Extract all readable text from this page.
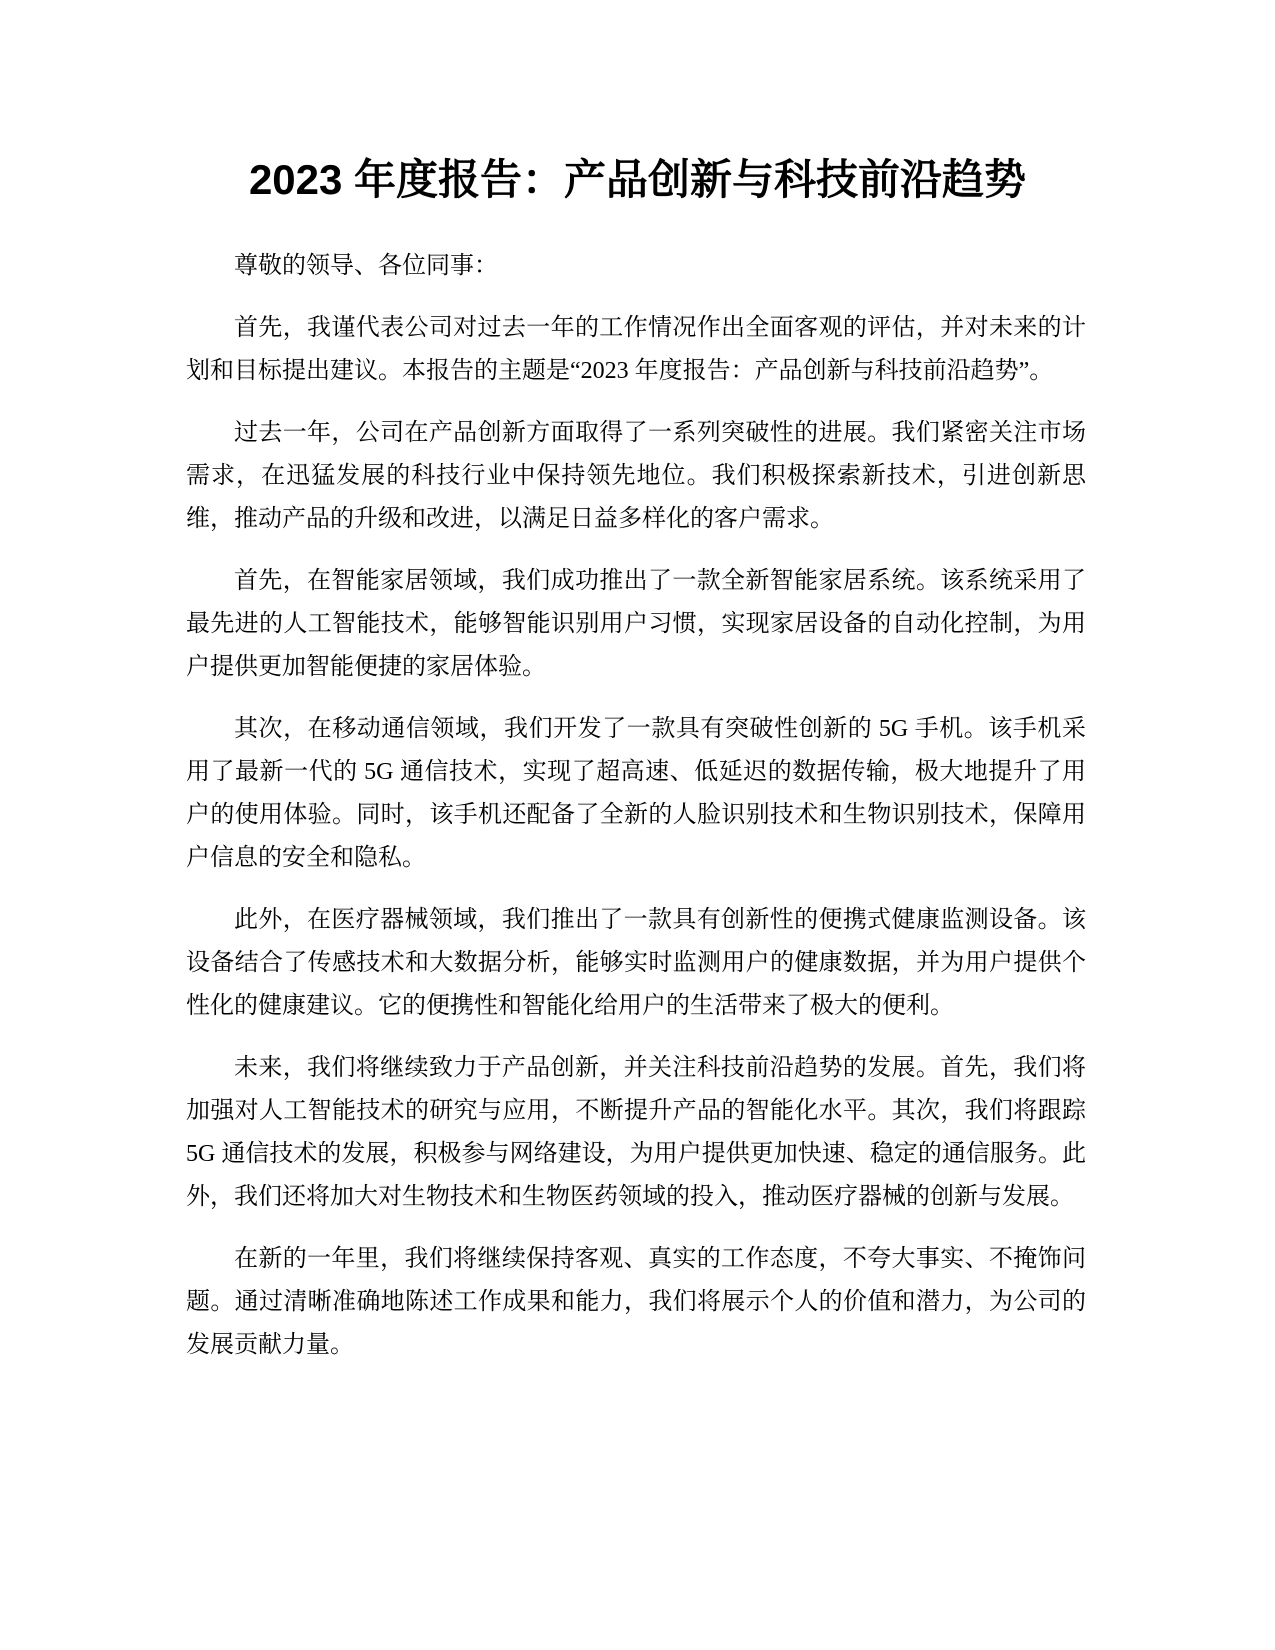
2023 年度报告：产品创新与科技前沿趋势

尊敬的领导、各位同事：

首先，我谨代表公司对过去一年的工作情况作出全面客观的评估，并对未来的计划和目标提出建议。本报告的主题是“2023 年度报告：产品创新与科技前沿趋势”。

过去一年，公司在产品创新方面取得了一系列突破性的进展。我们紧密关注市场需求，在迅猛发展的科技行业中保持领先地位。我们积极探索新技术，引进创新思维，推动产品的升级和改进，以满足日益多样化的客户需求。

首先，在智能家居领域，我们成功推出了一款全新智能家居系统。该系统采用了最先进的人工智能技术，能够智能识别用户习惯，实现家居设备的自动化控制，为用户提供更加智能便捷的家居体验。

其次，在移动通信领域，我们开发了一款具有突破性创新的 5G 手机。该手机采用了最新一代的 5G 通信技术，实现了超高速、低延迟的数据传输，极大地提升了用户的使用体验。同时，该手机还配备了全新的人脸识别技术和生物识别技术，保障用户信息的安全和隐私。

此外，在医疗器械领域，我们推出了一款具有创新性的便携式健康监测设备。该设备结合了传感技术和大数据分析，能够实时监测用户的健康数据，并为用户提供个性化的健康建议。它的便携性和智能化给用户的生活带来了极大的便利。

未来，我们将继续致力于产品创新，并关注科技前沿趋势的发展。首先，我们将加强对人工智能技术的研究与应用，不断提升产品的智能化水平。其次，我们将跟踪 5G 通信技术的发展，积极参与网络建设，为用户提供更加快速、稳定的通信服务。此外，我们还将加大对生物技术和生物医药领域的投入，推动医疗器械的创新与发展。

在新的一年里，我们将继续保持客观、真实的工作态度，不夸大事实、不掩饰问题。通过清晰准确地陈述工作成果和能力，我们将展示个人的价值和潜力，为公司的发展贡献力量。
